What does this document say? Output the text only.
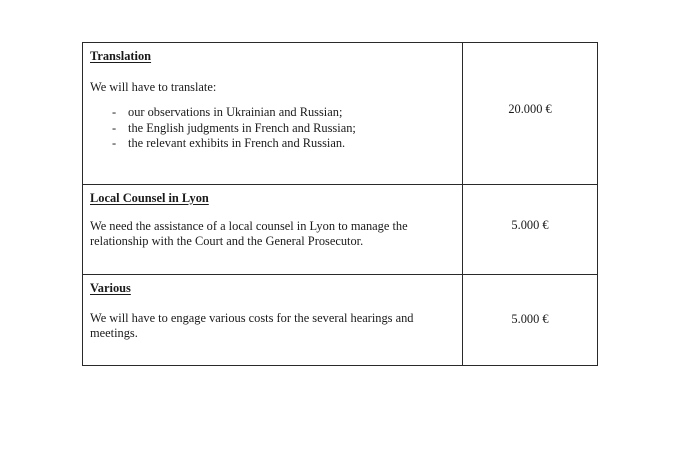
Translation
We will have to translate:
- our observations in Ukrainian and Russian;
- the English judgments in French and Russian;
- the relevant exhibits in French and Russian.
20.000 €
Local Counsel in Lyon
We need the assistance of a local counsel in Lyon to manage the
relationship with the Court and the General Prosecutor.
5.000 €
Various
We will have to engage various costs for the several hearings and
meetings.
5.000 €
